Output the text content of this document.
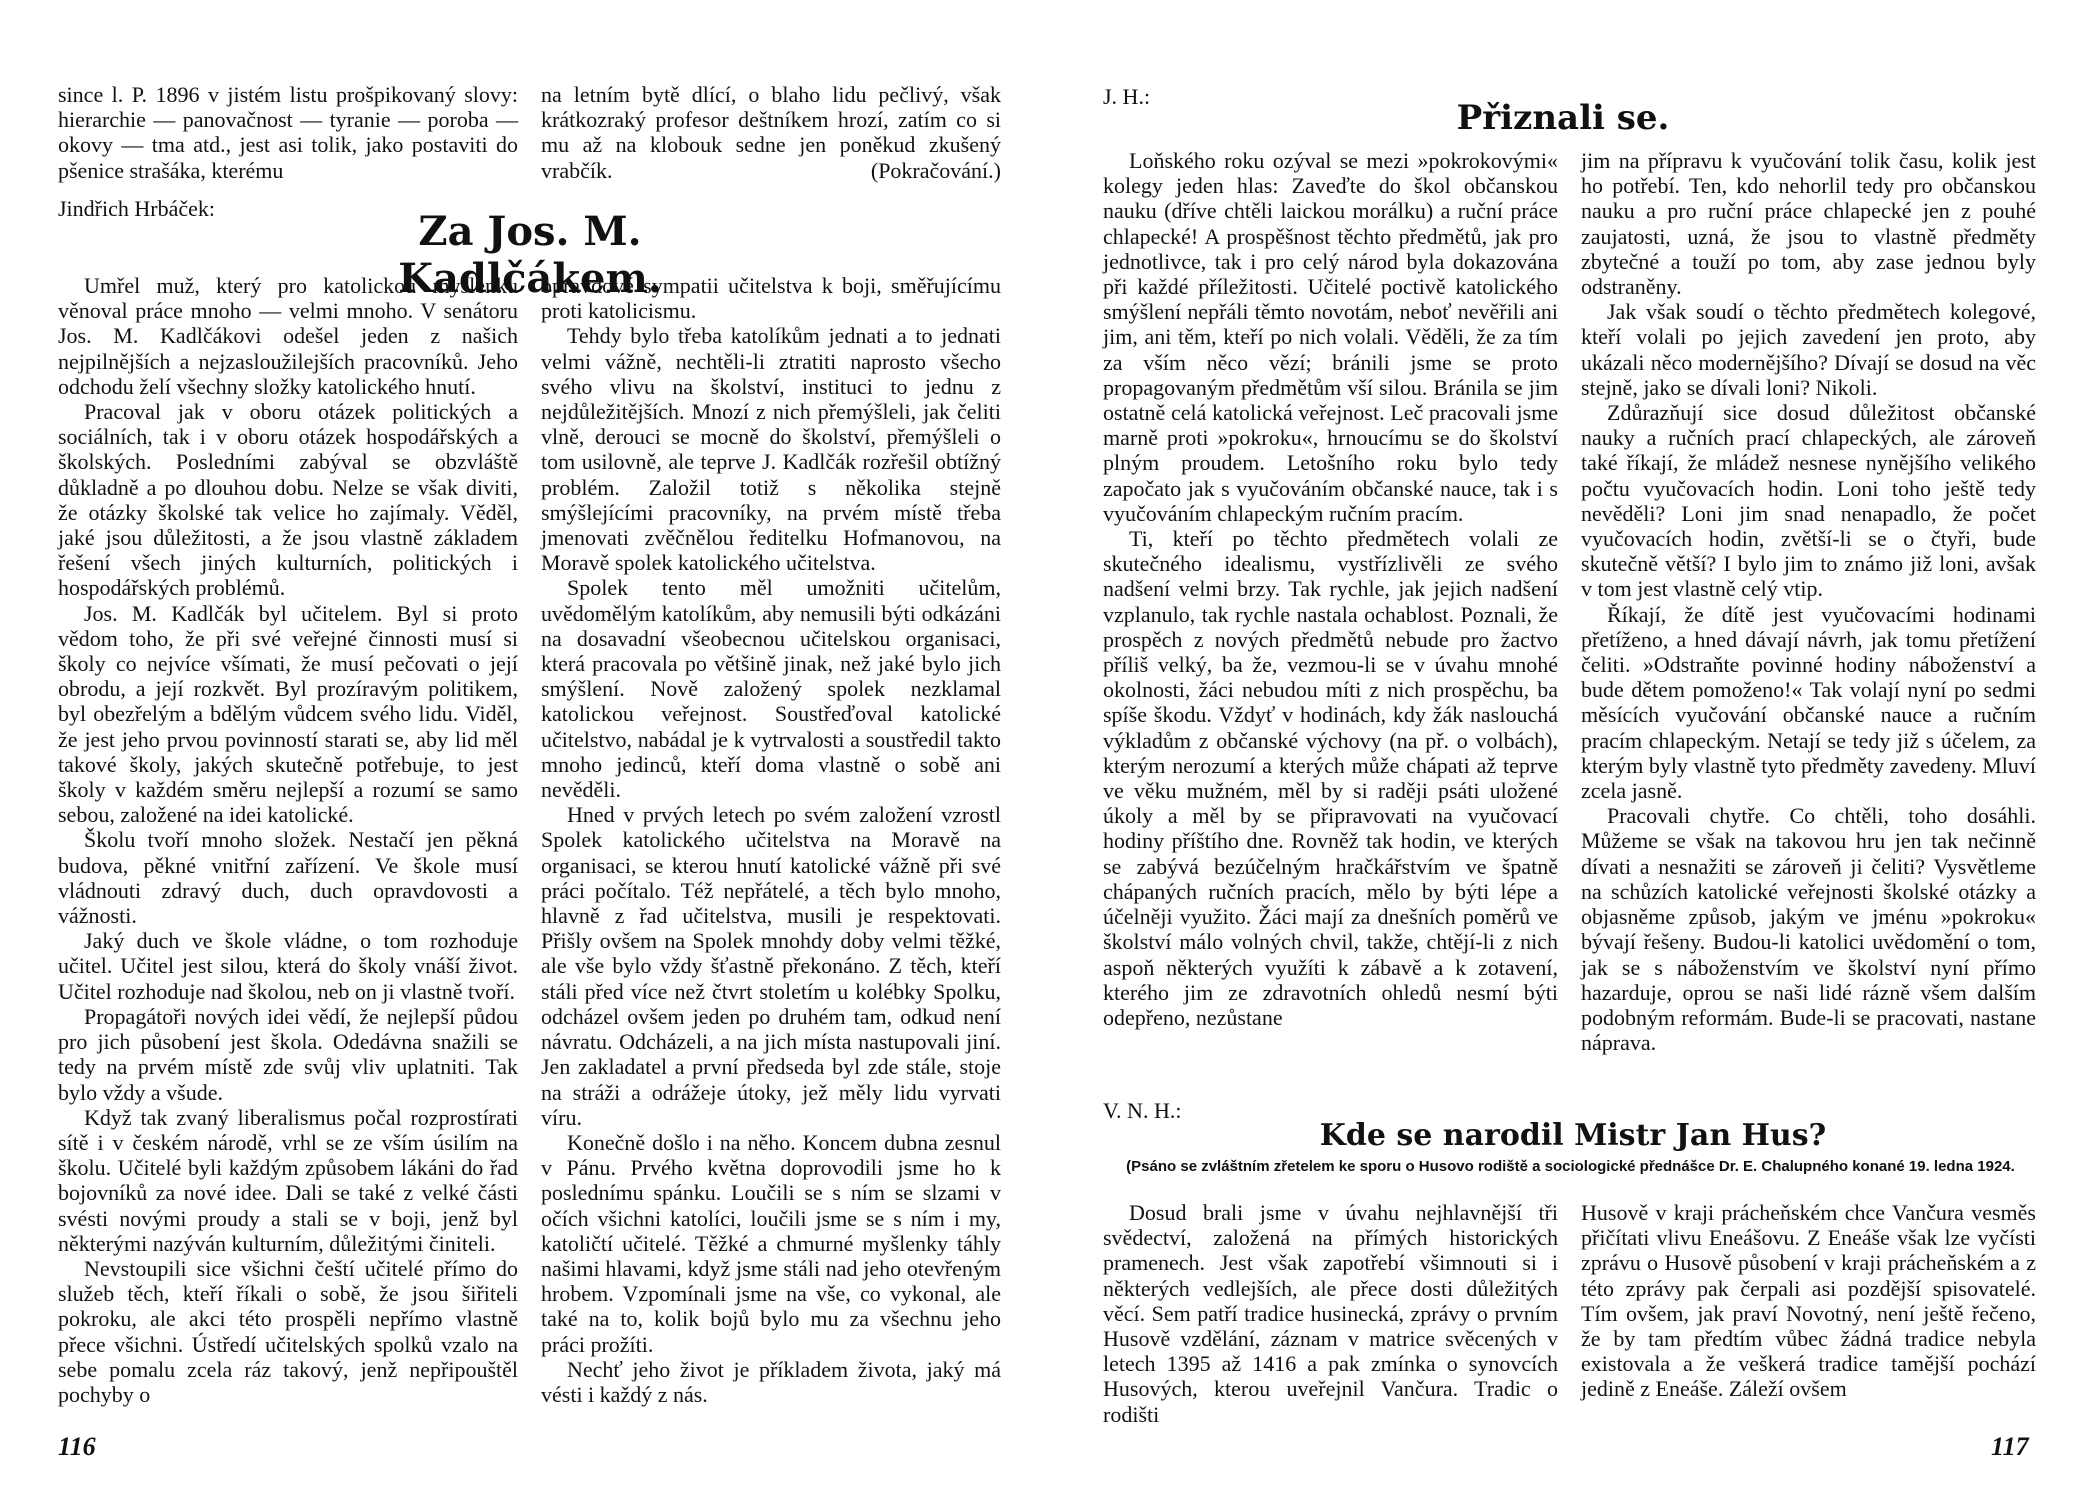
since l. P. 1896 v jistém listu prošpikovaný slovy: hierarchie — panovačnost — tyranie — poroba — okovy — tma atd., jest asi tolik, jako postaviti do pšenice strašáka, kterému

na letním bytě dlící, o blaho lidu pečlivý, však krátkozraký profesor deštníkem hrozí, zatím co si mu až na klobouk sedne jen poněkud zkušený vrabčík.	(Pokračování.)

Jindřich Hrbáček:	Za Jos. M. Kadlčákem.

Umřel muž, který pro katolickou myšlenku věnoval práce mnoho — velmi mnoho. V senátoru Jos. M. Kadlčákovi odešel jeden z našich nejpilnějších a nejzasloužilejších pracovníků. Jeho odchodu želí všechny složky katolického hnutí.

Pracoval jak v oboru otázek politických a sociálních, tak i v oboru otázek hospodářských a školských. Posledními zabýval se obzvláště důkladně a po dlouhou dobu. Nelze se však diviti, že otázky školské tak velice ho zajímaly. Věděl, jaké jsou důležitosti, a že jsou vlastně základem řešení všech jiných kulturních, politických i hospodářských problémů.

Jos. M. Kadlčák byl učitelem. Byl si proto vědom toho, že při své veřejné činnosti musí si školy co nejvíce všímati, že musí pečovati o její obrodu, a její rozkvět. Byl prozíravým politikem, byl obezřelým a bdělým vůdcem svého lidu. Viděl, že jest jeho prvou povinností starati se, aby lid měl takové školy, jakých skutečně potřebuje, to jest školy v každém směru nejlepší a rozumí se samo sebou, založené na idei katolické.

Školu tvoří mnoho složek. Nestačí jen pěkná budova, pěkné vnitřní zařízení. Ve škole musí vládnouti zdravý duch, duch opravdovosti a vážnosti.

Jaký duch ve škole vládne, o tom rozhoduje učitel. Učitel jest silou, která do školy vnáší život. Učitel rozhoduje nad školou, neb on ji vlastně tvoří.

Propagátoři nových idei vědí, že nejlepší půdou pro jich působení jest škola. Odedávna snažili se tedy na prvém místě zde svůj vliv uplatniti. Tak bylo vždy a všude.

Když tak zvaný liberalismus počal rozprostírati sítě i v českém národě, vrhl se ze vším úsilím na školu. Učitelé byli každým způsobem lákáni do řad bojovníků za nové idee. Dali se také z velké části svésti novými proudy a stali se v boji, jenž byl některými nazýván kulturním, důležitými činiteli.

Nevstoupili sice všichni čeští učitelé přímo do služeb těch, kteří říkali o sobě, že jsou šiřiteli pokroku, ale akci této prospěli nepřímo vlastně přece všichni. Ústředí učitelských spolků vzalo na sebe pomalu zcela ráz takový, jenž nepřipouštěl pochyby o

opravdové sympatii učitelstva k boji, směřujícímu proti katolicismu.

Tehdy bylo třeba katolíkům jednati a to jednati velmi vážně, nechtěli-li ztratiti naprosto všecho svého vlivu na školství, instituci to jednu z nejdůležitějších. Mnozí z nich přemýšleli, jak čeliti vlně, derouci se mocně do školství, přemýšleli o tom usilovně, ale teprve J. Kadlčák rozřešil obtížný problém. Založil totiž s několika stejně smýšlejícími pracovníky, na prvém místě třeba jmenovati zvěčnělou ředitelku Hofmanovou, na Moravě spolek katolického učitelstva.

Spolek tento měl umožniti učitelům, uvědomělým katolíkům, aby nemusili býti odkázáni na dosavadní všeobecnou učitelskou organisaci, která pracovala po většině jinak, než jaké bylo jich smýšlení. Nově založený spolek nezklamal katolickou veřejnost. Soustřeďoval katolické učitelstvo, nabádal je k vytrvalosti a soustředil takto mnoho jedinců, kteří doma vlastně o sobě ani nevěděli.

Hned v prvých letech po svém založení vzrostl Spolek katolického učitelstva na Moravě na organisaci, se kterou hnutí katolické vážně při své práci počítalo. Též nepřátelé, a těch bylo mnoho, hlavně z řad učitelstva, musili je respektovati. Přišly ovšem na Spolek mnohdy doby velmi těžké, ale vše bylo vždy šťastně překonáno. Z těch, kteří stáli před více než čtvrt stoletím u kolébky Spolku, odcházel ovšem jeden po druhém tam, odkud není návratu. Odcházeli, a na jich místa nastupovali jiní. Jen zakladatel a první předseda byl zde stále, stoje na stráži a odrážeje útoky, jež měly lidu vyrvati víru.

Konečně došlo i na něho. Koncem dubna zesnul v Pánu. Prvého května doprovodili jsme ho k poslednímu spánku. Loučili se s ním se slzami v očích všichni katolíci, loučili jsme se s ním i my, katoličtí učitelé. Těžké a chmurné myšlenky táhly našimi hlavami, když jsme stáli nad jeho otevřeným hrobem. Vzpomínali jsme na vše, co vykonal, ale také na to, kolik bojů bylo mu za všechnu jeho práci prožíti.

Nechť jeho život je příkladem života, jaký má vésti i každý z nás.

116
J. H.:
Přiznali se.

Loňského roku ozýval se mezi »pokrokovými« kolegy jeden hlas: Zaveďte do škol občanskou nauku (dříve chtěli laickou morálku) a ruční práce chlapecké! A prospěšnost těchto předmětů, jak pro jednotlivce, tak i pro celý národ byla dokazována při každé příležitosti. Učitelé poctivě katolického smýšlení nepřáli těmto novotám, neboť nevěřili ani jim, ani těm, kteří po nich volali. Věděli, že za tím za vším něco vězí; bránili jsme se proto propagovaným předmětům vší silou. Bránila se jim ostatně celá katolická veřejnost. Leč pracovali jsme marně proti »pokroku«, hrnoucímu se do školství plným proudem. Letošního roku bylo tedy započato jak s vyučováním občanské nauce, tak i s vyučováním chlapeckým ručním pracím.

Ti, kteří po těchto předmětech volali ze skutečného idealismu, vystřízlivěli ze svého nadšení velmi brzy. Tak rychle, jak jejich nadšení vzplanulo, tak rychle nastala ochablost. Poznali, že prospěch z nových předmětů nebude pro žactvo příliš velký, ba že, vezmou-li se v úvahu mnohé okolnosti, žáci nebudou míti z nich prospěchu, ba spíše škodu. Vždyť v hodinách, kdy žák naslouchá výkladům z občanské výchovy (na př. o volbách), kterým nerozumí a kterých může chápati až teprve ve věku mužném, měl by si raději psáti uložené úkoly a měl by se připravovati na vyučovací hodiny příštího dne. Rovněž tak hodin, ve kterých se zabývá bezúčelným hračkářstvím ve špatně chápaných ručních pracích, mělo by býti lépe a účelněji využito. Žáci mají za dnešních poměrů ve školství málo volných chvil, takže, chtějí-li z nich aspoň některých využíti k zábavě a k zotavení, kterého jim ze zdravotních ohledů nesmí býti odepřeno, nezůstane

jim na přípravu k vyučování tolik času, kolik jest ho potřebí. Ten, kdo nehorlil tedy pro občanskou nauku a pro ruční práce chlapecké jen z pouhé zaujatosti, uzná, že jsou to vlastně předměty zbytečné a touží po tom, aby zase jednou byly odstraněny.

Jak však soudí o těchto předmětech kolegové, kteří volali po jejich zavedení jen proto, aby ukázali něco modernějšího? Dívají se dosud na věc stejně, jako se dívali loni? Nikoli.

Zdůrazňují sice dosud důležitost občanské nauky a ručních prací chlapeckých, ale zároveň také říkají, že mládež nesnese nynějšího velikého počtu vyučovacích hodin. Loni toho ještě tedy nevěděli? Loni jim snad nenapadlo, že počet vyučovacích hodin, zvětší-li se o čtyři, bude skutečně větší? I bylo jim to známo již loni, avšak v tom jest vlastně celý vtip.

Říkají, že dítě jest vyučovacími hodinami přetíženo, a hned dávají návrh, jak tomu přetížení čeliti. »Odstraňte povinné hodiny náboženství a bude dětem pomoženo!« Tak volají nyní po sedmi měsících vyučování občanské nauce a ručním pracím chlapeckým. Netají se tedy již s účelem, za kterým byly vlastně tyto předměty zavedeny. Mluví zcela jasně.

Pracovali chytře. Co chtěli, toho dosáhli. Můžeme se však na takovou hru jen tak nečinně dívati a nesnažiti se zároveň ji čeliti? Vysvětleme na schůzích katolické veřejnosti školské otázky a objasněme způsob, jakým ve jménu »pokroku« bývají řešeny. Budou-li katolici uvědomění o tom, jak se s náboženstvím ve školství nyní přímo hazarduje, oprou se naši lidé rázně všem dalším podobným reformám. Bude-li se pracovati, nastane náprava.

V. N. H.:
Kde se narodil Mistr Jan Hus?
(Psáno se zvláštním zřetelem ke sporu o Husovo rodiště a sociologické přednášce Dr. E. Chalupného konané 19. ledna 1924.

Dosud brali jsme v úvahu nejhlavnější tři svědectví, založená na přímých historických pramenech. Jest však zapotřebí všimnouti si i některých vedlejších, ale přece dosti důležitých věcí. Sem patří tradice husinecká, zprávy o prvním Husově vzdělání, záznam v matrice svěcených v letech 1395 až 1416 a pak zmínka o synovcích Husových, kterou uveřejnil Vančura. Tradic o rodišti

Husově v kraji prácheňském chce Vančura vesměs přičítati vlivu Eneášovu. Z Eneáše však lze vyčísti zprávu o Husově působení v kraji prácheňském a z této zprávy pak čerpali asi pozdější spisovatelé. Tím ovšem, jak praví Novotný, není ještě řečeno, že by tam předtím vůbec žádná tradice nebyla existovala a že veškerá tradice tamější pochází jedině z Eneáše. Záleží ovšem

117
